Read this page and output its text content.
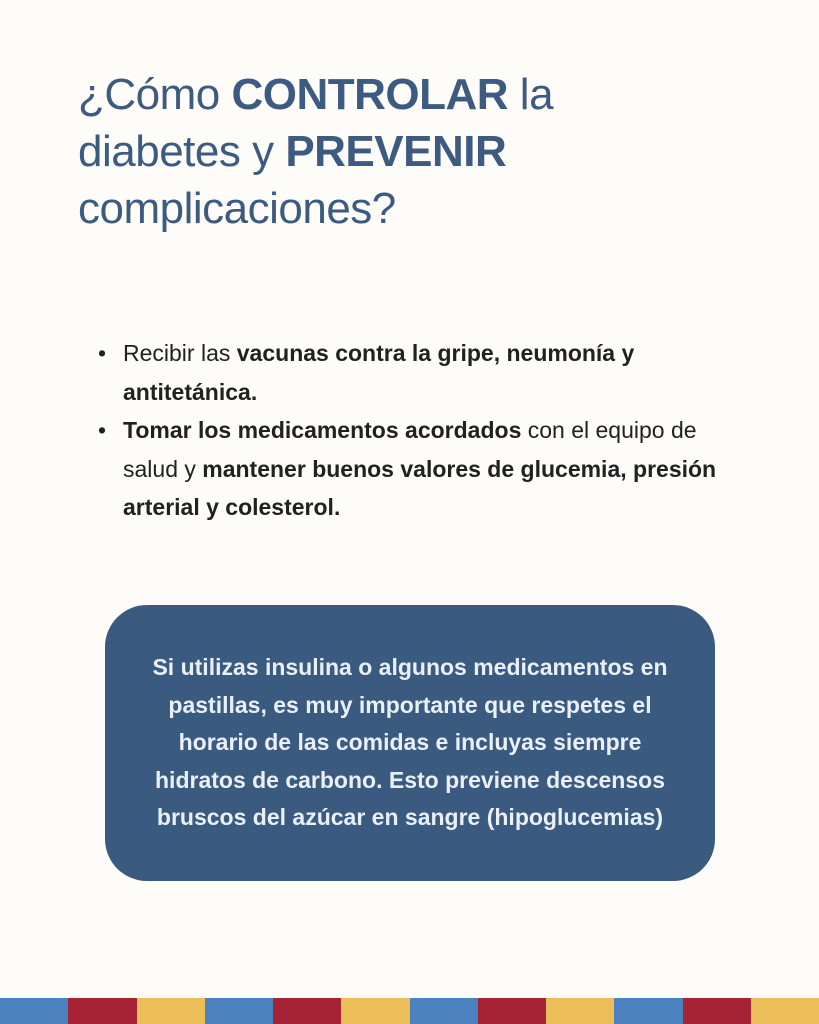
¿Cómo CONTROLAR la diabetes y PREVENIR complicaciones?
• Recibir las vacunas contra la gripe, neumonía y antitetánica.
• Tomar los medicamentos acordados con el equipo de salud y mantener buenos valores de glucemia, presión arterial y colesterol.

Si utilizas insulina o algunos medicamentos en pastillas, es muy importante que respetes el horario de las comidas e incluyas siempre hidratos de carbono. Esto previene descensos bruscos del azúcar en sangre (hipoglucemias)
